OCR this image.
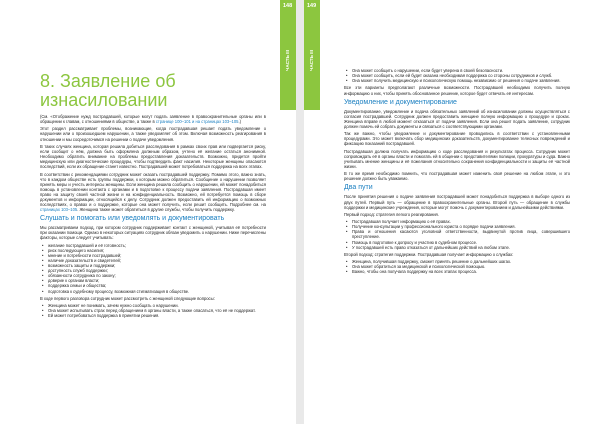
148
ЧАСТЬ III
8. Заявление об изнасиловании

(См. «Отображение нужд пострадавшей, которые могут подать заявление в правоохранительные органы или в обращении к главам, с отношениями в обществе, а также в странице 100–101 и на страницах 103–105.)

Этот раздел рассматривает проблемы, возникающие, когда пострадавшая решает подать уведомление о нарушении или о произошедшем нарушении, а также уведомляет об этом. Включая возможность реагирования в отношении и мы сосредоточимся на решении о подаче уведомления.

В таких случаях женщина, которая решила добиться расследования в рамках своих прав или подвергается риску, если сообщит о нём, должна быть оформлена должным образом, учтено её желание остаться анонимной. Необходимо обратить внимание на проблемы предоставления доказательств. Возможно, придется пройти медицинскую или диагностические процедуры, чтобы подтвердить факт насилия. Некоторые женщины опасаются последствий, если их обращение станет известно. Пострадавшей может потребоваться поддержка на всех этапах.

В соответствии с рекомендациями сотрудник может оказать пострадавшей поддержку. Помимо этого, важно знать, что в каждом обществе есть группы поддержки, к которым можно обратиться. Сообщение о нарушении позволяет принять меры и учесть интересы женщины. Если женщина решила сообщить о нарушении, ей может понадобиться помощь в установлении контакта с органами и в подготовке к процессу подачи заявления. Пострадавшая имеет право на защиту своей частной жизни и на конфиденциальность. Возможно, ей потребуется помощь в сборе документов и информации, относящейся к делу. Сотрудник должен предоставить ей информацию о возможных последствиях, о правах и о поддержке, которые она может получить, если решит сообщить. Подробнее см. на страницах 103–105. Женщина также может обратиться в другие службы, чтобы получить поддержку.

Слушать и помогать или уведомлять и документировать

Мы рассматриваем подход, при котором сотрудник поддерживает контакт с женщиной, учитывая её потребности при оказании помощи. Однако в некоторых ситуациях сотрудник обязан уведомить о нарушении. Ниже перечислены факторы, которые следует учитывать:

• желание пострадавшей и её готовность;
• риск последующего насилия;
• мнение и потребности пострадавшей;
• наличие доказательств и свидетелей;
• возможность защиты и поддержки;
• доступность служб поддержки;
• обязанности сотрудника по закону;
• доверие к органам власти;
• поддержка семьи и общества;
• подготовка к судебному процессу, возможная стигматизация в обществе.

В ходе первого разговора сотрудник может рассмотреть с женщиной следующие вопросы:

• Женщина может не понимать, зачем нужно сообщать о нарушении.
• Она может испытывать страх перед обращением в органы власти, а также опасаться, что её не поддержат.
• Ей может потребоваться поддержка в принятии решения.
149
ЧАСТЬ III
•	Она может сообщить о нарушении, если будет уверена в своей безопасности.
• Она может сообщить, если ей будет оказана необходимая поддержка со стороны сотрудников и служб.
• Она может получить медицинскую и психологическую помощь независимо от решения о подаче заявления.

Все эти варианты предполагают различные возможности. Пострадавшей необходимо получить полную информацию о них, чтобы принять обоснованное решение, которое будет отвечать её интересам.

Уведомление и документирование

Документирование, уведомление и подача обязательных заявлений об изнасиловании должны осуществляться с согласия пострадавшей. Сотрудник должен предоставить женщине полную информацию о процедуре и сроках. Женщина вправе в любой момент отказаться от подачи заявления. Если она решит подать заявление, сотрудник должен помочь ей собрать документы и связаться с соответствующими органами.

Так же важно, чтобы уведомление и документирование проводились в соответствии с установленными процедурами. Это может включать сбор медицинских доказательств, документирование телесных повреждений и фиксацию показаний пострадавшей.

Пострадавшая должна получать информацию о ходе расследования и результатах процесса. Сотрудник может сопровождать её в органы власти и помогать ей в общении с представителями полиции, прокуратуры и суда. Важно учитывать мнение женщины и её пожелания относительно сохранения конфиденциальности и защиты её частной жизни.

В то же время необходимо помнить, что пострадавшая может изменить своё решение на любом этапе, и это решение должно быть уважаемо.

Два пути

После принятия решения о подаче заявления пострадавшей может понадобиться поддержка в выборе одного из двух путей. Первый путь — обращение в правоохранительные органы. Второй путь — обращение в службы поддержки и медицинские учреждения, которые могут помочь с документированием и дальнейшими действиями.

Первый подход: стратегия легкого реагирования.

• Пострадавшая получает информацию о её правах.
• Получение консультации у профессионального юриста о порядке подачи заявления.
• Права и отношения касаются уголовной ответственности, выдвинутой против лица, совершившего преступление.
• Помощь в подготовке к допросу и участию в судебном процессе.
• У пострадавшей есть право отказаться от дальнейших действий на любом этапе.

Второй подход: стратегия поддержки. Пострадавшая получает информацию о службах:

• Женщина, получившая поддержку, сможет принять решение о дальнейших шагах.
• Она может обратиться за медицинской и психологической помощью.
• Важно, чтобы она получала поддержку на всех этапах процесса.
